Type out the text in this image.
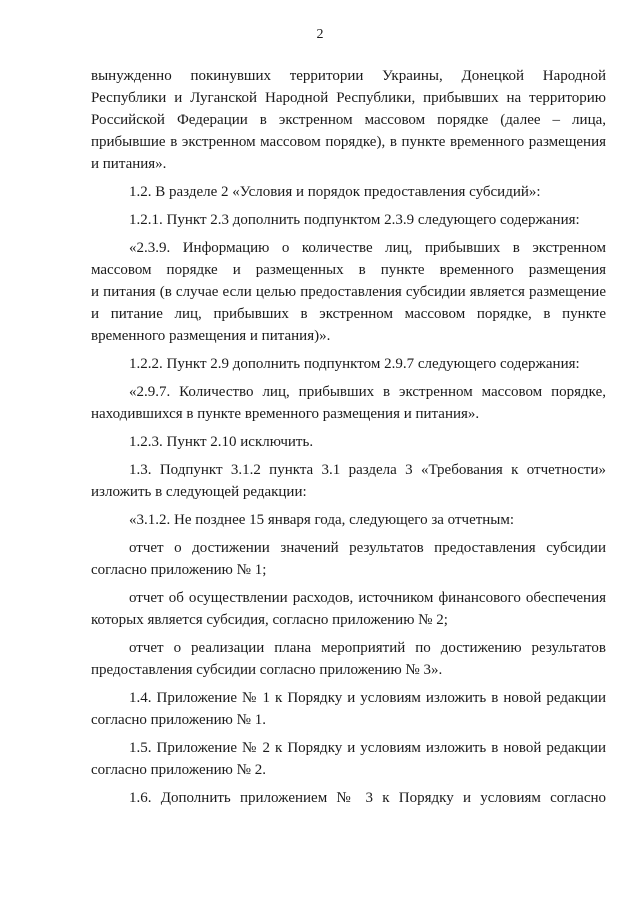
2
вынужденно покинувших территории Украины, Донецкой Народной
Республики и Луганской Народной Республики, прибывших на территорию
Российской Федерации в экстренном массовом порядке (далее – лица,
прибывшие в экстренном массовом порядке), в пункте временного размещения
и питания».
1.2. В разделе 2 «Условия и порядок предоставления субсидий»:
1.2.1. Пункт 2.3 дополнить подпунктом 2.3.9 следующего содержания:
«2.3.9. Информацию о количестве лиц, прибывших в экстренном
массовом порядке и размещенных в пункте временного размещения
и питания (в случае если целью предоставления субсидии является размещение
и питание лиц, прибывших в экстренном массовом порядке, в пункте
временного размещения и питания)».
1.2.2. Пункт 2.9 дополнить подпунктом 2.9.7 следующего содержания:
«2.9.7. Количество лиц, прибывших в экстренном массовом порядке,
находившихся в пункте временного размещения и питания».
1.2.3. Пункт 2.10 исключить.
1.3. Подпункт 3.1.2 пункта 3.1 раздела 3 «Требования к отчетности»
изложить в следующей редакции:
«3.1.2. Не позднее 15 января года, следующего за отчетным:
отчет о достижении значений результатов предоставления субсидии
согласно приложению № 1;
отчет об осуществлении расходов, источником финансового обеспечения
которых является субсидия, согласно приложению № 2;
отчет о реализации плана мероприятий по достижению результатов
предоставления субсидии согласно приложению № 3».
1.4. Приложение № 1 к Порядку и условиям изложить в новой редакции
согласно приложению № 1.
1.5. Приложение № 2 к Порядку и условиям изложить в новой редакции
согласно приложению № 2.
1.6. Дополнить приложением № 3 к Порядку и условиям согласно
